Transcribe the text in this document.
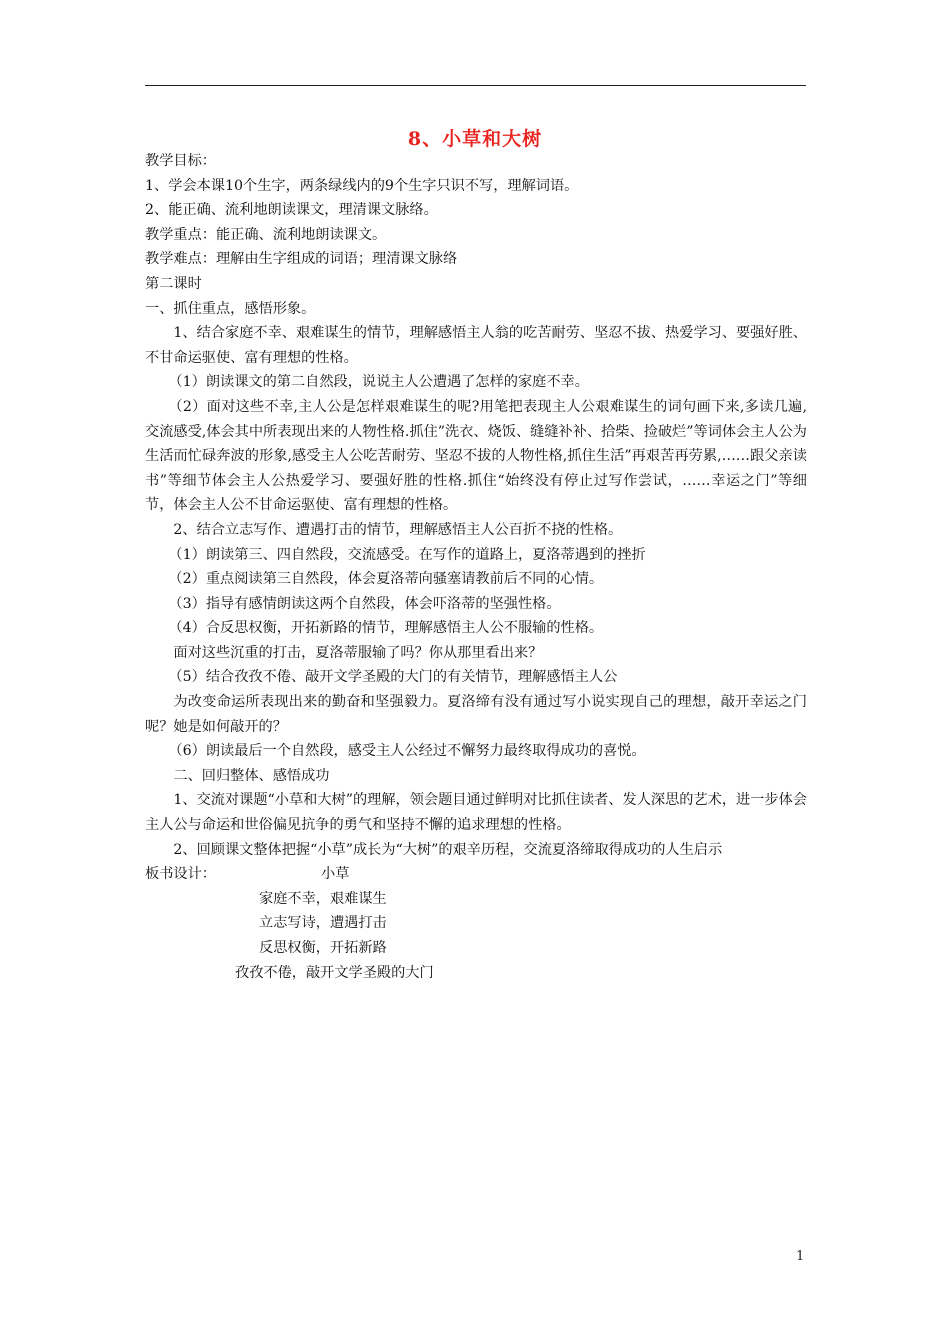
8、小草和大树

教学目标：

1、学会本课10个生字，两条绿线内的9个生字只识不写，理解词语。

2、能正确、流利地朗读课文，理清课文脉络。

教学重点：能正确、流利地朗读课文。

教学难点：理解由生字组成的词语；理清课文脉络

第二课时

一、抓住重点，感悟形象。

1、结合家庭不幸、艰难谋生的情节，理解感悟主人翁的吃苦耐劳、坚忍不拔、热爱学习、要强好胜、不甘命运驱使、富有理想的性格。

（1）朗读课文的第二自然段，说说主人公遭遇了怎样的家庭不幸。

（2）面对这些不幸,主人公是怎样艰难谋生的呢?用笔把表现主人公艰难谋生的词句画下来,多读几遍,交流感受,体会其中所表现出来的人物性格.抓住”洗衣、烧饭、缝缝补补、拾柴、捡破烂”等词体会主人公为生活而忙碌奔波的形象,感受主人公吃苦耐劳、坚忍不拔的人物性格,抓住生活”再艰苦再劳累,……跟父亲读书”等细节体会主人公热爱学习、要强好胜的性格.抓住“始终没有停止过写作尝试，……幸运之门”等细节，体会主人公不甘命运驱使、富有理想的性格。

2、结合立志写作、遭遇打击的情节，理解感悟主人公百折不挠的性格。

（1）朗读第三、四自然段，交流感受。在写作的道路上，夏洛蒂遇到的挫折

（2）重点阅读第三自然段，体会夏洛蒂向骚塞请教前后不同的心情。

（3）指导有感情朗读这两个自然段，体会吓洛蒂的坚强性格。

（4）合反思权衡，开拓新路的情节，理解感悟主人公不服输的性格。

面对这些沉重的打击，夏洛蒂服输了吗？你从那里看出来？

（5）结合孜孜不倦、敲开文学圣殿的大门的有关情节，理解感悟主人公

为改变命运所表现出来的勤奋和坚强毅力。夏洛缔有没有通过写小说实现自己的理想，敲开幸运之门呢？她是如何敲开的？

（6）朗读最后一个自然段，感受主人公经过不懈努力最终取得成功的喜悦。

二、回归整体、感悟成功

1、交流对课题“小草和大树”的理解，领会题目通过鲜明对比抓住读者、发人深思的艺术，进一步体会主人公与命运和世俗偏见抗争的勇气和坚持不懈的追求理想的性格。

2、回顾课文整体把握“小草”成长为“大树”的艰辛历程，交流夏洛缔取得成功的人生启示

板书设计：	小草

家庭不幸，艰难谋生

立志写诗，遭遇打击

反思权衡，开拓新路

孜孜不倦，敲开文学圣殿的大门

1
